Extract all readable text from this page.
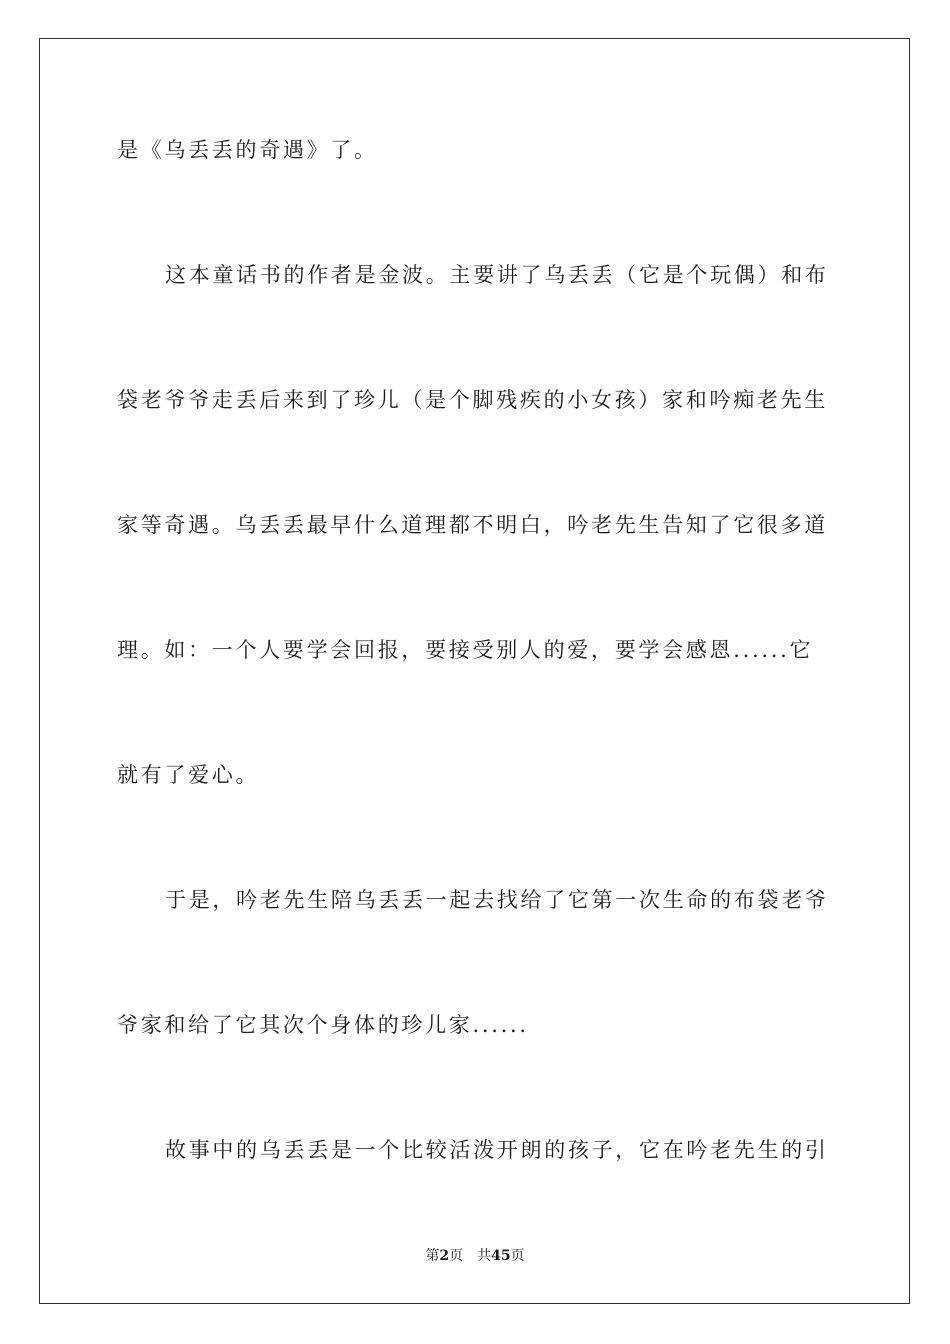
是《乌丢丢的奇遇》了。
这本童话书的作者是金波。主要讲了乌丢丢（它是个玩偶）和布
袋老爷爷走丢后来到了珍儿（是个脚残疾的小女孩）家和吟痴老先生
家等奇遇。乌丢丢最早什么道理都不明白，吟老先生告知了它很多道
理。如：一个人要学会回报，要接受别人的爱，要学会感恩......它
就有了爱心。
于是，吟老先生陪乌丢丢一起去找给了它第一次生命的布袋老爷
爷家和给了它其次个身体的珍儿家......
故事中的乌丢丢是一个比较活泼开朗的孩子，它在吟老先生的引
第2页 共45页
